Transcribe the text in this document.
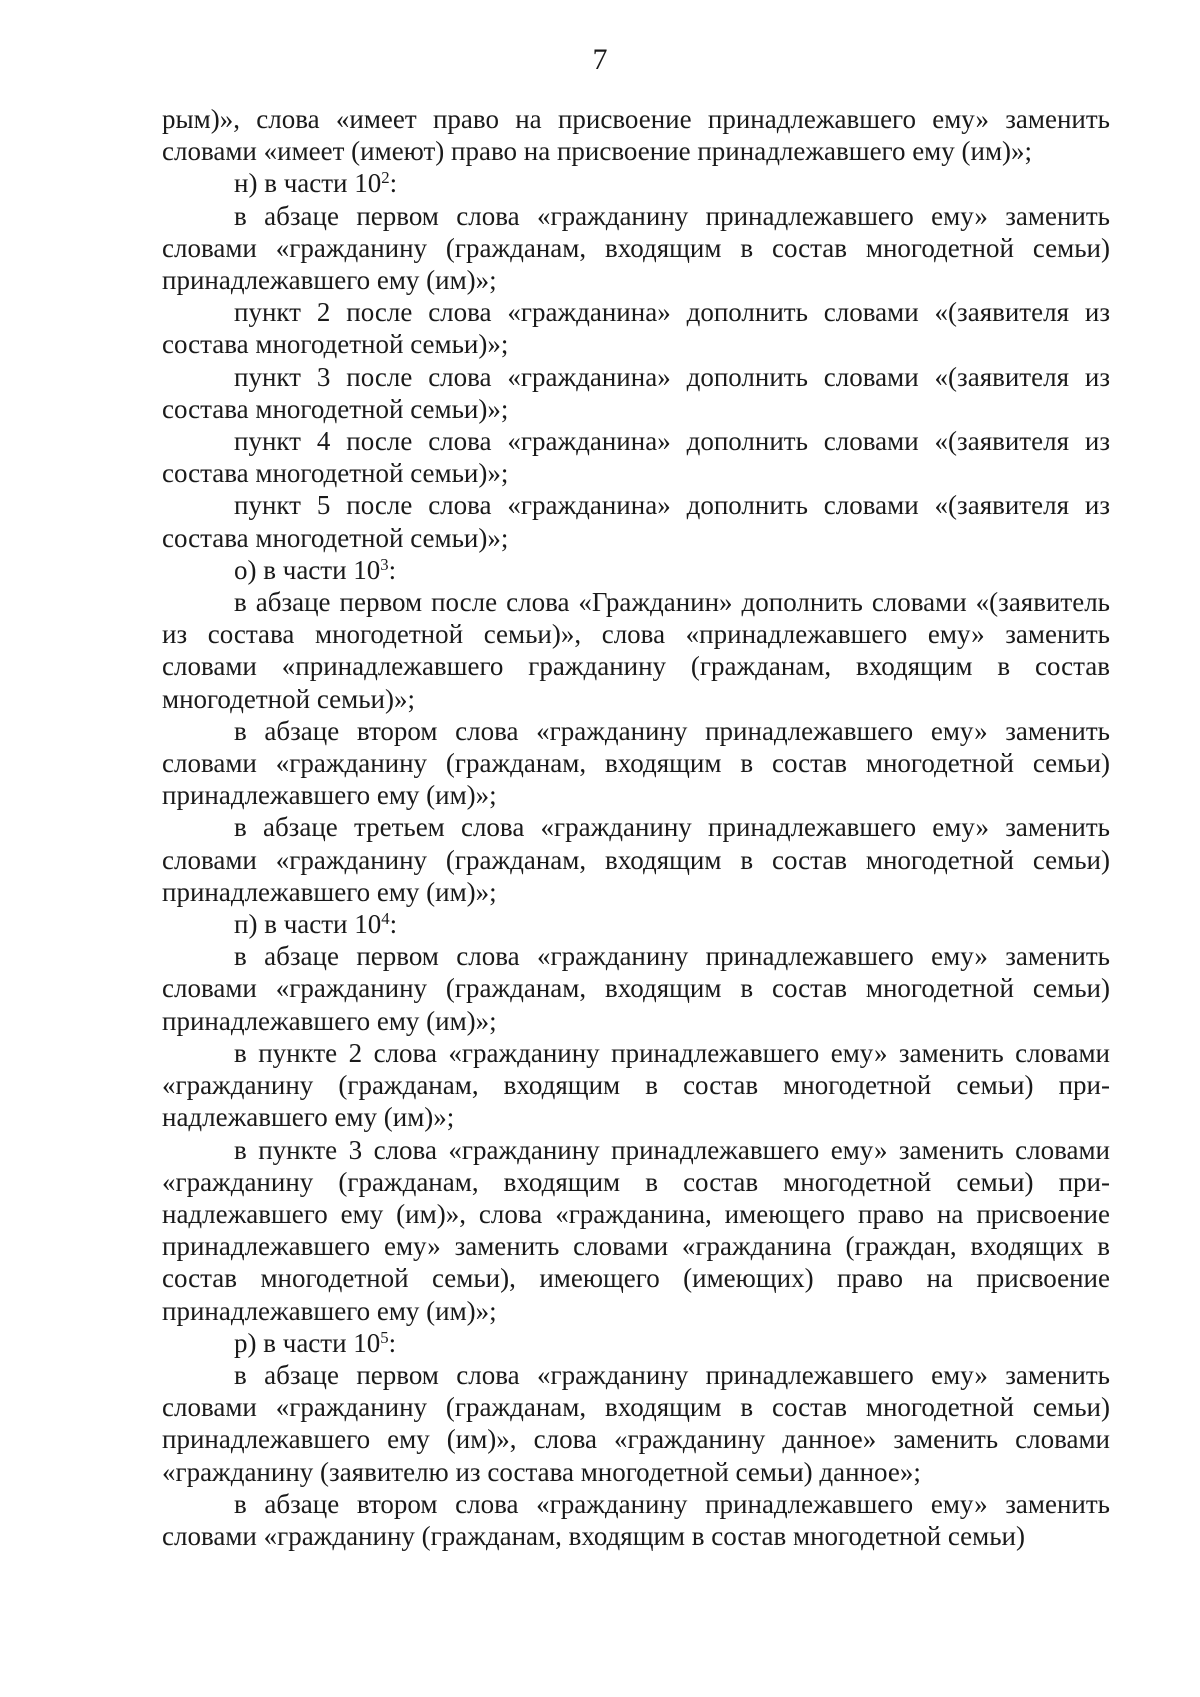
7

рым)», слова «имеет право на присвоение принадлежавшего ему» заменить словами «имеет (имеют) право на присвоение принадлежавшего ему (им)»;

н) в части $10^2$:

в абзаце первом слова «гражданину принадлежавшего ему» заменить словами «гражданину (гражданам, входящим в состав многодетной семьи) принадлежавшего ему (им)»;

пункт 2 после слова «гражданина» дополнить словами «(заявителя из состава многодетной семьи)»;

пункт 3 после слова «гражданина» дополнить словами «(заявителя из состава многодетной семьи)»;

пункт 4 после слова «гражданина» дополнить словами «(заявителя из состава многодетной семьи)»;

пункт 5 после слова «гражданина» дополнить словами «(заявителя из состава многодетной семьи)»;

о) в части $10^3$:

в абзаце первом после слова «Гражданин» дополнить словами «(заявитель из состава многодетной семьи)», слова «принадлежавшего ему» заменить словами «принадлежавшего гражданину (гражданам, входящим в состав многодетной семьи)»;

в абзаце втором слова «гражданину принадлежавшего ему» заменить словами «гражданину (гражданам, входящим в состав многодетной семьи) принадлежавшего ему (им)»;

в абзаце третьем слова «гражданину принадлежавшего ему» заменить словами «гражданину (гражданам, входящим в состав многодетной семьи) принадлежавшего ему (им)»;

п) в части $10^4$:

в абзаце первом слова «гражданину принадлежавшего ему» заменить словами «гражданину (гражданам, входящим в состав многодетной семьи) принадлежавшего ему (им)»;

в пункте 2 слова «гражданину принадлежавшего ему» заменить словами «гражданину (гражданам, входящим в состав многодетной семьи) принадлежавшего ему (им)»;

в пункте 3 слова «гражданину принадлежавшего ему» заменить словами «гражданину (гражданам, входящим в состав многодетной семьи) принадлежавшего ему (им)», слова «гражданина, имеющего право на присвоение принадлежавшего ему» заменить словами «гражданина (граждан, входящих в состав многодетной семьи), имеющего (имеющих) право на присвоение принадлежавшего ему (им)»;

р) в части $10^5$:

в абзаце первом слова «гражданину принадлежавшего ему» заменить словами «гражданину (гражданам, входящим в состав многодетной семьи) принадлежавшего ему (им)», слова «гражданину данное» заменить словами «гражданину (заявителю из состава многодетной семьи) данное»;

в абзаце втором слова «гражданину принадлежавшего ему» заменить словами «гражданину (гражданам, входящим в состав многодетной семьи)
